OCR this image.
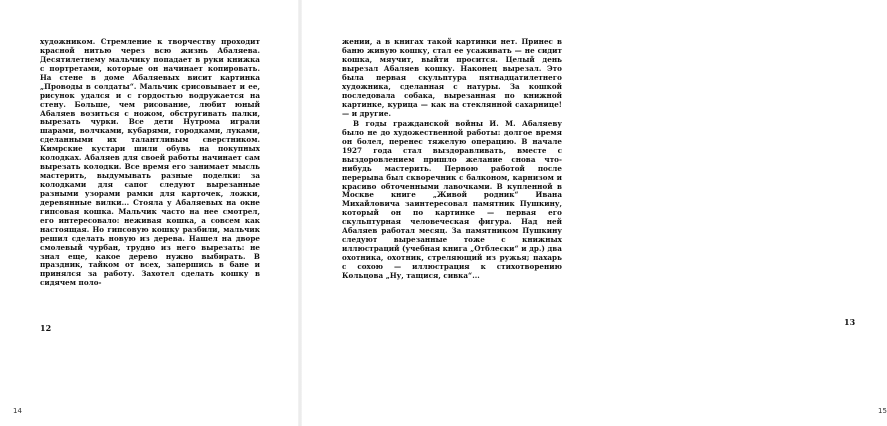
художником. Стремление к творчеству проходит красной нитью через всю жизнь Абаляева. Десятилетнему мальчику попадает в руки книжка с портретами, которые он начинает копировать. На стене в доме Абаляевых висит картинка „Проводы в солдаты“. Мальчик срисовывает и ее, рисунок удался и с гордостью водружается на стену. Больше, чем рисование, любит юный Абаляев возиться с ножом, обстругивать палки, вырезать чурки. Все дети Нутрома играли шарами, волчками, кубарями, городками, луками, сделанными их талантливым сверстником. Кимрские кустари шили обувь на покупных колодках. Абаляев для своей работы начинает сам вырезать колодки. Все время его занимает мысль мастерить, выдумывать разные поделки: за колодками для сапог следуют вырезанные разными узорами рамки для карточек, ложки, деревянные вилки... Стояла у Абаляевых на окне гипсовая кошка. Мальчик часто на нее смотрел, его интересовало: неживая кошка, а совсем как настоящая. Но гипсовую кошку разбили, мальчик решил сделать новую из дерева. Нашел на дворе смолевый чурбан, трудно из него вырезать: не знал еще, какое дерево нужно выбирать. В праздник, тайком от всех, запершись в бане и принялся за работу. Захотел сделать кошку в сидячем поло-

12
14
13
15

жении, а в книгах такой картинки нет. Принес в баню живую кошку, стал ее усаживать — не сидит кошка, мяучит, выйти просится. Целый день вырезал Абаляев кошку. Наконец вырезал. Это была первая скульптура пятнадцатилетнего художника, сделанная с натуры. За кошкой последовала собака, вырезанная по книжной картинке, курица — как на стеклянной сахарнице!— и другие.

В годы гражданской войны И. М. Абаляеву было не до художественной работы: долгое время он болел, перенес тяжелую операцию. В начале 1927 года стал выздоравливать, вместе с выздоровлением пришло желание снова что-нибудь мастерить. Первою работой после перерыва был скворечник с балконом, карнизом и красиво обточенными лавочками. В купленной в Москве книге „Живой родник“ Ивана Михайловича заинтересовал памятник Пушкину, который он по картинке — первая его скульптурная человеческая фигура. Над ней Абаляев работал месяц. За памятником Пушкину следуют вырезанные тоже с книжных иллюстраций (учебная книга „Отблески“ и др.) два охотника, охотник, стреляющий из ружья; пахарь с сохою — иллюстрация к стихотворению Кольцова „Ну, тащися, сивка“...
